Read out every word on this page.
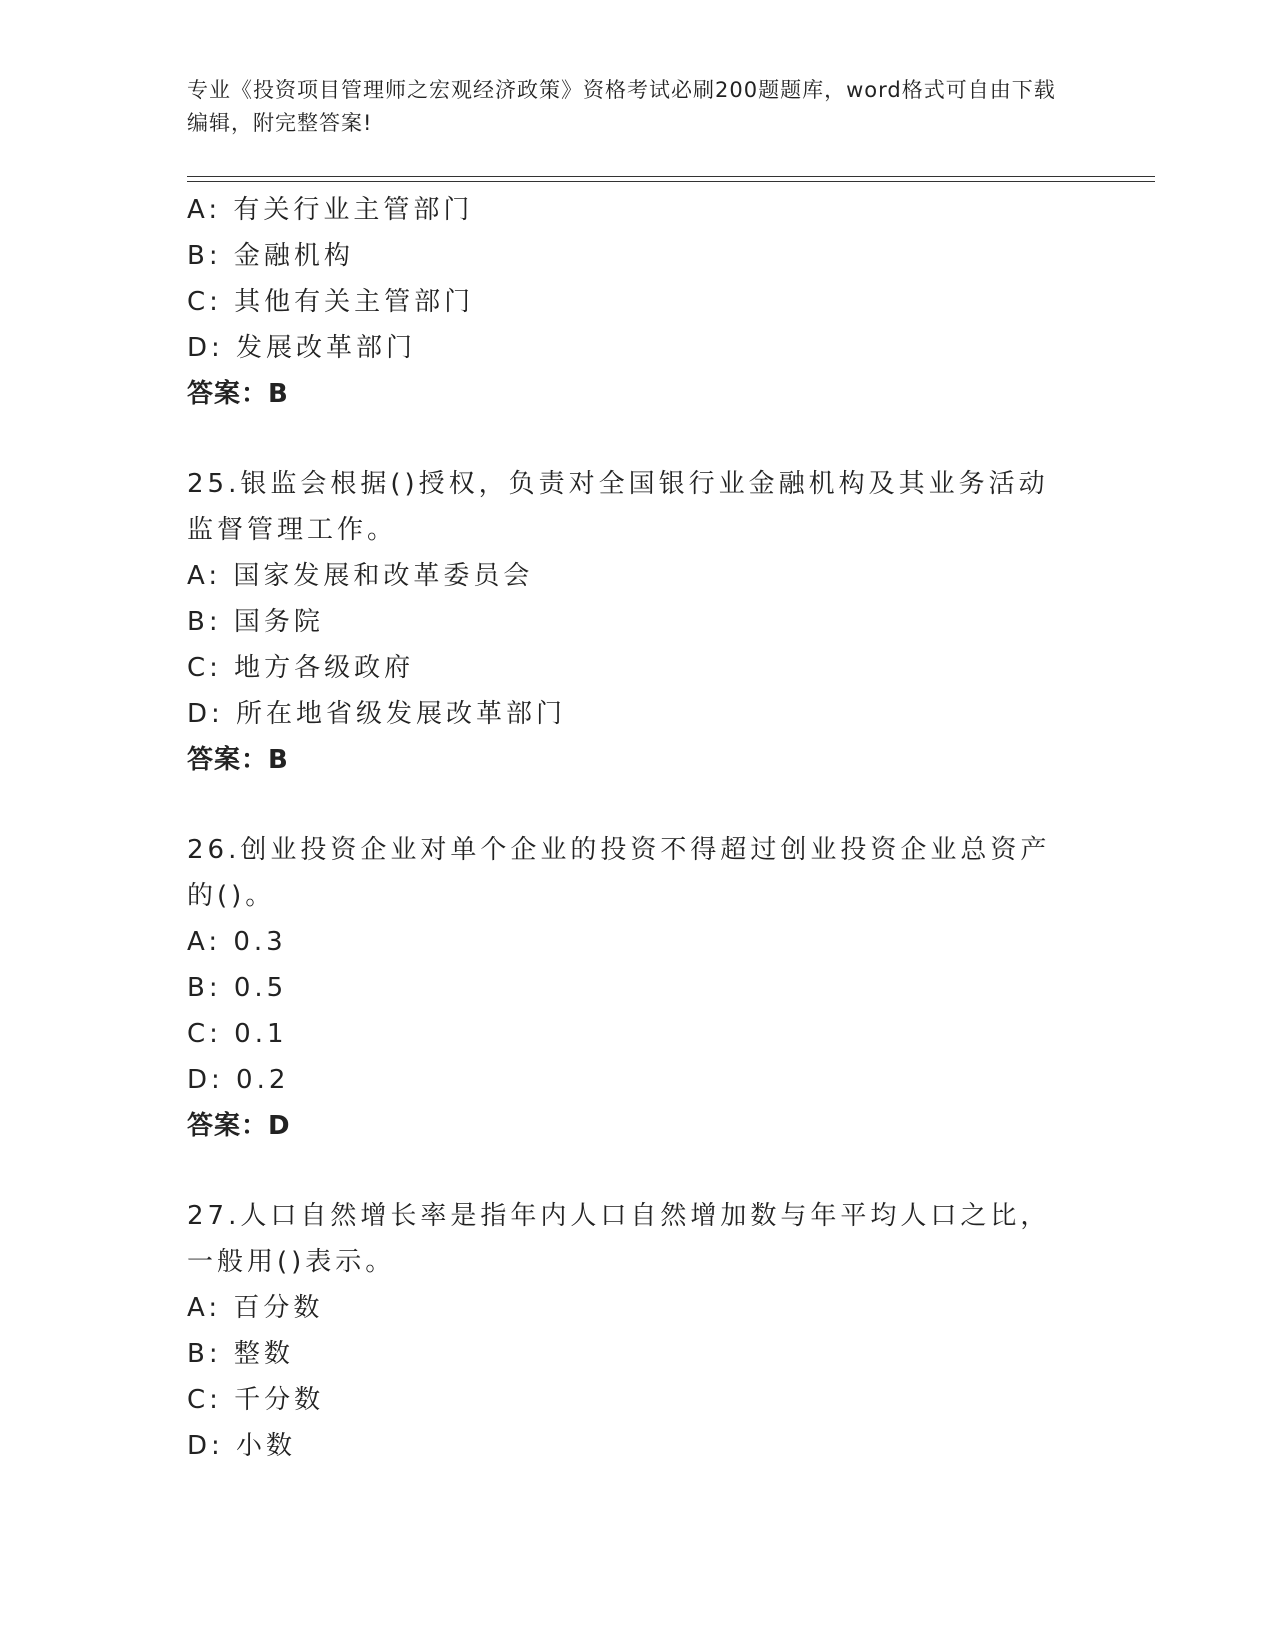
专业《投资项目管理师之宏观经济政策》资格考试必刷200题题库，word格式可自由下载编辑，附完整答案!
A: 有关行业主管部门
B: 金融机构
C: 其他有关主管部门
D: 发展改革部门
答案：B
25.银监会根据()授权，负责对全国银行业金融机构及其业务活动监督管理工作。
A: 国家发展和改革委员会
B: 国务院
C: 地方各级政府
D: 所在地省级发展改革部门
答案：B
26.创业投资企业对单个企业的投资不得超过创业投资企业总资产的()。
A: 0.3
B: 0.5
C: 0.1
D: 0.2
答案：D
27.人口自然增长率是指年内人口自然增加数与年平均人口之比，一般用()表示。
A: 百分数
B: 整数
C: 千分数
D: 小数
